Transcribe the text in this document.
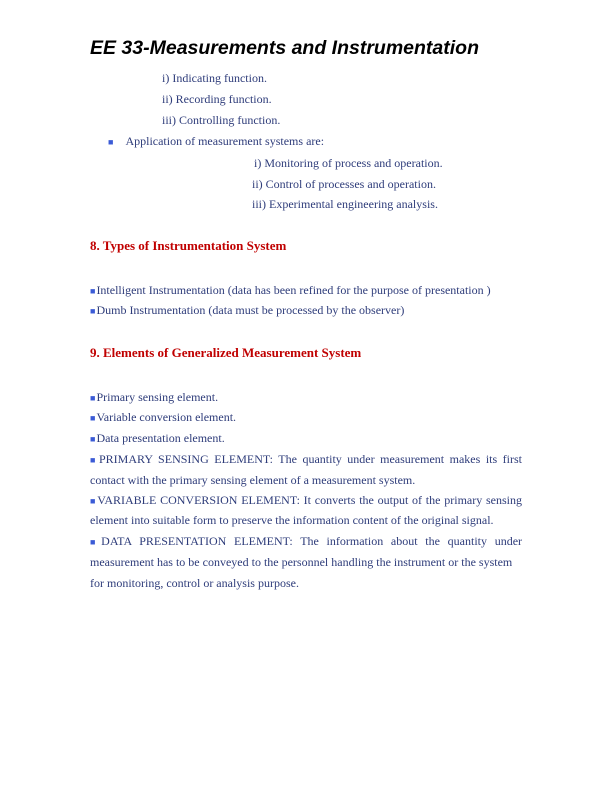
EE 33-Measurements and Instrumentation
i) Indicating function.
ii) Recording function.
iii) Controlling function.
■ Application of measurement systems are:
i) Monitoring of process and operation.
ii) Control of processes and operation.
iii) Experimental engineering analysis.
8. Types of Instrumentation System
■Intelligent Instrumentation (data has been refined for the purpose of presentation )
■Dumb Instrumentation (data must be processed by the observer)
9. Elements of Generalized Measurement System
■Primary sensing element.
■Variable conversion element.
■Data presentation element.
■PRIMARY SENSING ELEMENT: The quantity under measurement makes its first
contact with the primary sensing element of a measurement system.
■VARIABLE CONVERSION ELEMENT: It converts the output of the primary sensing
element into suitable form to preserve the information content of the original signal.
■DATA PRESENTATION ELEMENT: The information about the quantity under
measurement has to be conveyed to the personnel handling the instrument or the system
for monitoring, control or analysis purpose.
